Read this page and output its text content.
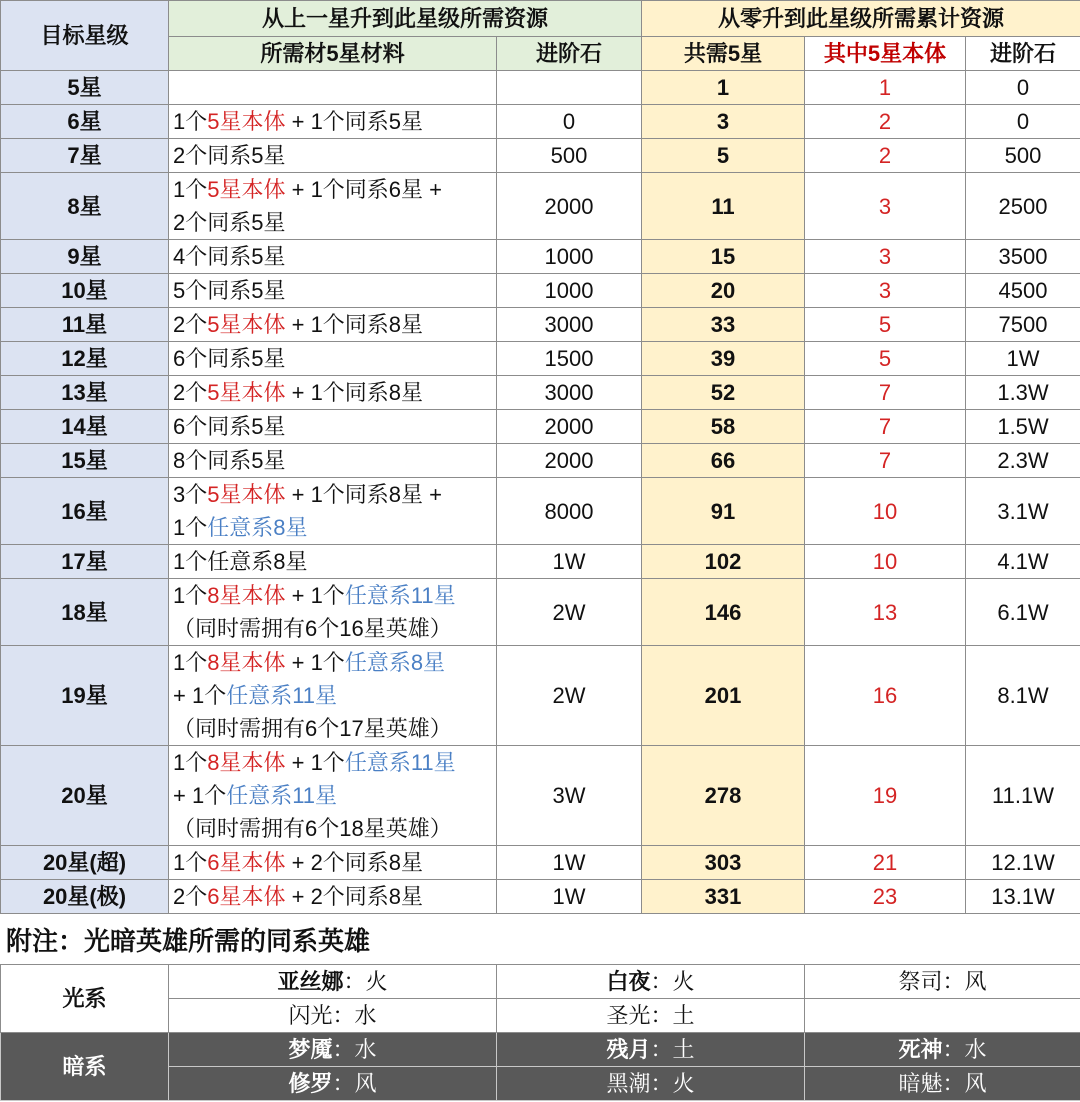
目标星级	从上一星升到此星级所需资源		从零升到此星级所需累计资源		
	所需材5星材料	进阶石	共需5星	其中5星本体	进阶石
5星			1	1	0
6星	1个5星本体 + 1个同系5星	0	3	2	0
7星	2个同系5星	500	5	2	500
8星	1个5星本体 + 1个同系6星 +
2个同系5星	2000	11	3	2500
9星	4个同系5星	1000	15	3	3500
10星	5个同系5星	1000	20	3	4500
11星	2个5星本体 + 1个同系8星	3000	33	5	7500
12星	6个同系5星	1500	39	5	1W
13星	2个5星本体 + 1个同系8星	3000	52	7	1.3W
14星	6个同系5星	2000	58	7	1.5W
15星	8个同系5星	2000	66	7	2.3W
16星	3个5星本体 + 1个同系8星 +
1个任意系8星	8000	91	10	3.1W
17星	1个任意系8星	1W	102	10	4.1W
18星	1个8星本体 + 1个任意系11星
（同时需拥有6个16星英雄）	2W	146	13	6.1W
19星	1个8星本体 + 1个任意系8星
+ 1个任意系11星
（同时需拥有6个17星英雄）	2W	201	16	8.1W
20星	1个8星本体 + 1个任意系11星
+ 1个任意系11星
（同时需拥有6个18星英雄）	3W	278	19	11.1W
20星(超)	1个6星本体 + 2个同系8星	1W	303	21	12.1W
20星(极)	2个6星本体 + 2个同系8星	1W	331	23	13.1W
附注：光暗英雄所需的同系英雄
光系	亚丝娜：火	白夜：火	祭司：风
	闪光：水	圣光：土	
暗系	梦魇：水	残月：土	死神：水
	修罗：风	黑潮：火	暗魅：风
